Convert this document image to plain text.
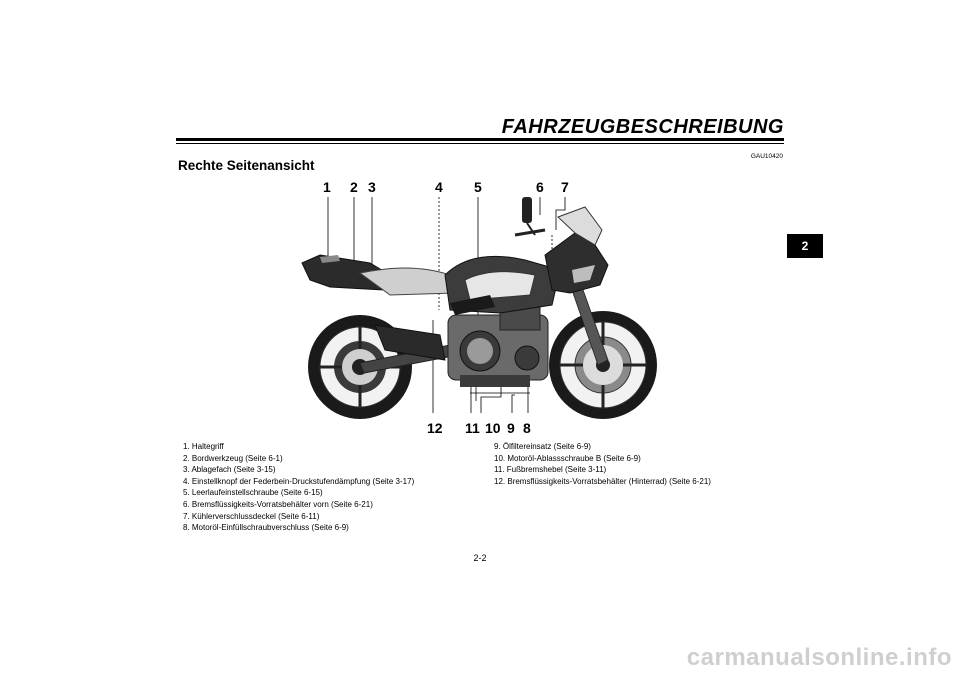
FAHRZEUGBESCHREIBUNG
Rechte Seitenansicht
GAU10420
2
1 2 3	4 5	6 7
12 11 10 9 8
1. Haltegriff
2. Bordwerkzeug (Seite 6-1)
3. Ablagefach (Seite 3-15)
4. Einstellknopf der Federbein-Druckstufendämpfung (Seite 3-17)
5. Leerlaufeinstellschraube (Seite 6-15)
6. Bremsflüssigkeits-Vorratsbehälter vorn (Seite 6-21)
7. Kühlerverschlussdeckel (Seite 6-11)
8. Motoröl-Einfüllschraubverschluss (Seite 6-9)
9. Ölfiltereinsatz (Seite 6-9)
10. Motoröl-Ablassschraube B (Seite 6-9)
11. Fußbremshebel (Seite 3-11)
12. Bremsflüssigkeits-Vorratsbehälter (Hinterrad) (Seite 6-21)
2-2
carmanualsonline.info
